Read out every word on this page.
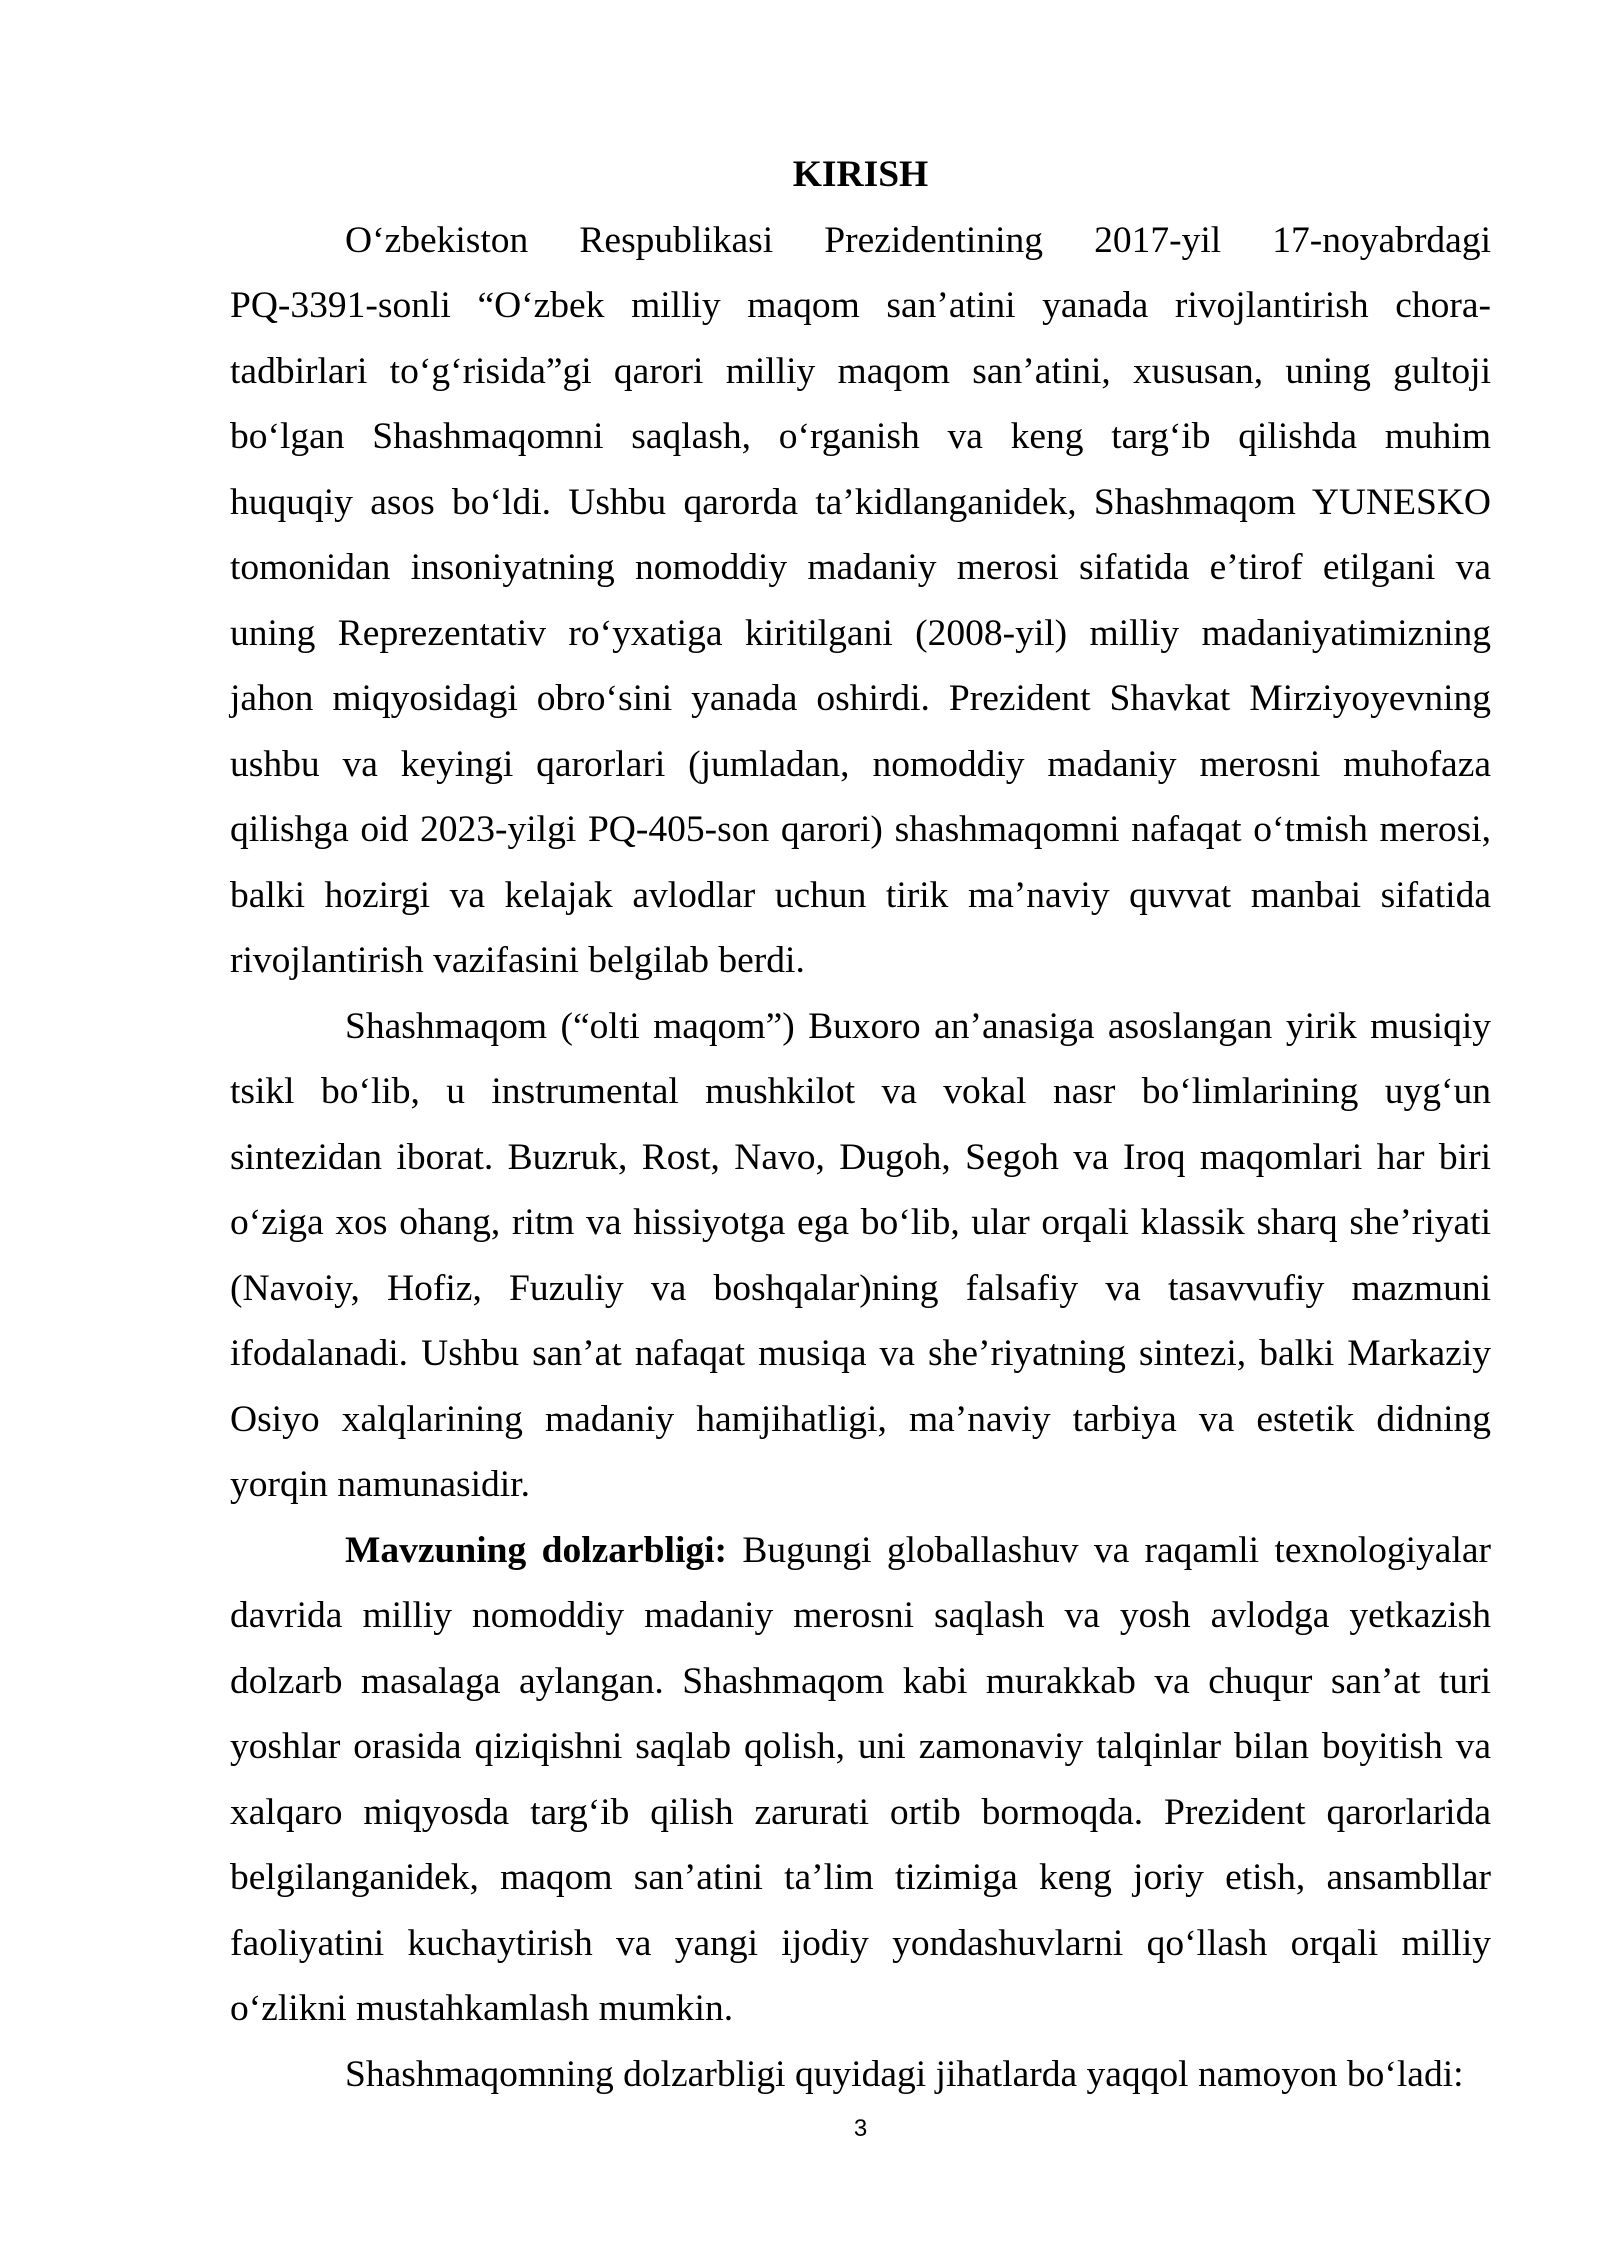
KIRISH
O‘zbekiston Respublikasi Prezidentining 2017-yil 17-noyabrdagi
PQ-3391-sonli “O‘zbek milliy maqom san’atini yanada rivojlantirish chora-
tadbirlari to‘g‘risida”gi qarori milliy maqom san’atini, xususan, uning gultoji
bo‘lgan Shashmaqomni saqlash, o‘rganish va keng targ‘ib qilishda muhim
huquqiy asos bo‘ldi. Ushbu qarorda ta’kidlanganidek, Shashmaqom YUNESKO
tomonidan insoniyatning nomoddiy madaniy merosi sifatida e’tirof etilgani va
uning Reprezentativ ro‘yxatiga kiritilgani (2008-yil) milliy madaniyatimizning
jahon miqyosidagi obro‘sini yanada oshirdi. Prezident Shavkat Mirziyoyevning
ushbu va keyingi qarorlari (jumladan, nomoddiy madaniy merosni muhofaza
qilishga oid 2023-yilgi PQ-405-son qarori) shashmaqomni nafaqat o‘tmish merosi,
balki hozirgi va kelajak avlodlar uchun tirik ma’naviy quvvat manbai sifatida
rivojlantirish vazifasini belgilab berdi.
Shashmaqom (“olti maqom”) Buxoro an’anasiga asoslangan yirik musiqiy
tsikl bo‘lib, u instrumental mushkilot va vokal nasr bo‘limlarining uyg‘un
sintezidan iborat. Buzruk, Rost, Navo, Dugoh, Segoh va Iroq maqomlari har biri
o‘ziga xos ohang, ritm va hissiyotga ega bo‘lib, ular orqali klassik sharq she’riyati
(Navoiy, Hofiz, Fuzuliy va boshqalar)ning falsafiy va tasavvufiy mazmuni
ifodalanadi. Ushbu san’at nafaqat musiqa va she’riyatning sintezi, balki Markaziy
Osiyo xalqlarining madaniy hamjihatligi, ma’naviy tarbiya va estetik didning
yorqin namunasidir.
Mavzuning dolzarbligi: Bugungi globallashuv va raqamli texnologiyalar
davrida milliy nomoddiy madaniy merosni saqlash va yosh avlodga yetkazish
dolzarb masalaga aylangan. Shashmaqom kabi murakkab va chuqur san’at turi
yoshlar orasida qiziqishni saqlab qolish, uni zamonaviy talqinlar bilan boyitish va
xalqaro miqyosda targ‘ib qilish zarurati ortib bormoqda. Prezident qarorlarida
belgilanganidek, maqom san’atini ta’lim tizimiga keng joriy etish, ansambllar
faoliyatini kuchaytirish va yangi ijodiy yondashuvlarni qo‘llash orqali milliy
o‘zlikni mustahkamlash mumkin.
Shashmaqomning dolzarbligi quyidagi jihatlarda yaqqol namoyon bo‘ladi:
3
